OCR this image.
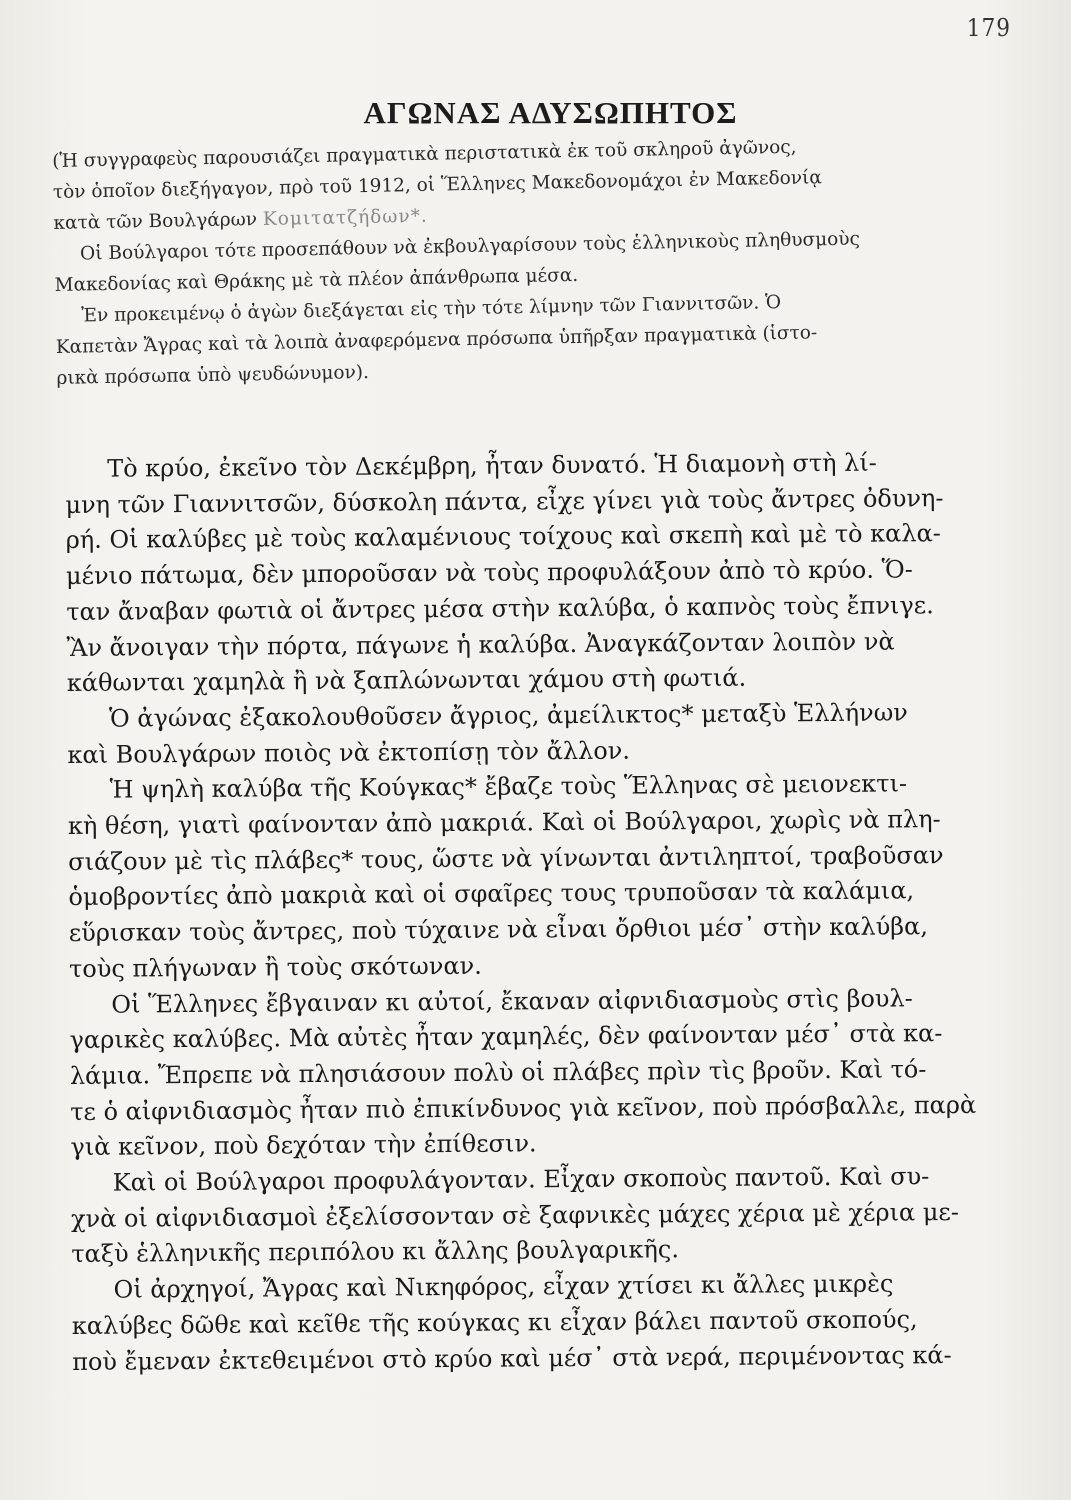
179
ΑΓΩΝΑΣ ΑΔΥΣΩΠΗΤΟΣ

(Ἡ συγγραφεὺς παρουσιάζει πραγματικὰ περιστατικὰ ἐκ τοῦ σκληροῦ ἀγῶνος,
τὸν ὁποῖον διεξήγαγον, πρὸ τοῦ 1912, οἱ Ἕλληνες Μακεδονομάχοι ἐν Μακεδονίᾳ
κατὰ τῶν Βουλγάρων Κομιτατζήδων*.

Οἱ Βούλγαροι τότε προσεπάθουν νὰ ἐκβουλγαρίσουν τοὺς ἑλληνικοὺς πληθυσμοὺς
Μακεδονίας καὶ Θράκης μὲ τὰ πλέον ἀπάνθρωπα μέσα.

Ἐν προκειμένῳ ὁ ἀγὼν διεξάγεται εἰς τὴν τότε λίμνην τῶν Γιαννιτσῶν. Ὁ
Καπετὰν Ἄγρας καὶ τὰ λοιπὰ ἀναφερόμενα πρόσωπα ὑπῆρξαν πραγματικὰ (ἱστο-
ρικὰ πρόσωπα ὑπὸ ψευδώνυμον).

Τὸ κρύο, ἐκεῖνο τὸν Δεκέμβρη, ἦταν δυνατό. Ἡ διαμονὴ στὴ λί-
μνη τῶν Γιαννιτσῶν, δύσκολη πάντα, εἶχε γίνει γιὰ τοὺς ἄντρες ὀδυνη-
ρή. Οἱ καλύβες μὲ τοὺς καλαμένιους τοίχους καὶ σκεπὴ καὶ μὲ τὸ καλα-
μένιο πάτωμα, δὲν μποροῦσαν νὰ τοὺς προφυλάξουν ἀπὸ τὸ κρύο. Ὅ-
ταν ἄναβαν φωτιὰ οἱ ἄντρες μέσα στὴν καλύβα, ὁ καπνὸς τοὺς ἔπνιγε.
Ἂν ἄνοιγαν τὴν πόρτα, πάγωνε ἡ καλύβα. Ἀναγκάζονταν λοιπὸν νὰ
κάθωνται χαμηλὰ ἢ νὰ ξαπλώνωνται χάμου στὴ φωτιά.

Ὁ ἀγώνας ἐξακολουθοῦσεν ἄγριος, ἀμείλικτος* μεταξὺ Ἑλλήνων
καὶ Βουλγάρων ποιὸς νὰ ἐκτοπίσῃ τὸν ἄλλον.

Ἡ ψηλὴ καλύβα τῆς Κούγκας* ἔβαζε τοὺς Ἕλληνας σὲ μειονεκτι-
κὴ θέση, γιατὶ φαίνονταν ἀπὸ μακριά. Καὶ οἱ Βούλγαροι, χωρὶς νὰ πλη-
σιάζουν μὲ τὶς πλάβες* τους, ὥστε νὰ γίνωνται ἀντιληπτοί, τραβοῦσαν
ὁμοβροντίες ἀπὸ μακριὰ καὶ οἱ σφαῖρες τους τρυποῦσαν τὰ καλάμια,
εὕρισκαν τοὺς ἄντρες, ποὺ τύχαινε νὰ εἶναι ὄρθιοι μέσ᾽ στὴν καλύβα,
τοὺς πλήγωναν ἢ τοὺς σκότωναν.

Οἱ Ἕλληνες ἔβγαιναν κι αὐτοί, ἔκαναν αἰφνιδιασμοὺς στὶς βουλ-
γαρικὲς καλύβες. Μὰ αὐτὲς ἦταν χαμηλές, δὲν φαίνονταν μέσ᾽ στὰ κα-
λάμια. Ἔπρεπε νὰ πλησιάσουν πολὺ οἱ πλάβες πρὶν τὶς βροῦν. Καὶ τό-
τε ὁ αἰφνιδιασμὸς ἦταν πιὸ ἐπικίνδυνος γιὰ κεῖνον, ποὺ πρόσβαλλε, παρὰ
γιὰ κεῖνον, ποὺ δεχόταν τὴν ἐπίθεσιν.

Καὶ οἱ Βούλγαροι προφυλάγονταν. Εἶχαν σκοποὺς παντοῦ. Καὶ συ-
χνὰ οἱ αἰφνιδιασμοὶ ἐξελίσσονταν σὲ ξαφνικὲς μάχες χέρια μὲ χέρια με-
ταξὺ ἑλληνικῆς περιπόλου κι ἄλλης βουλγαρικῆς.

Οἱ ἀρχηγοί, Ἄγρας καὶ Νικηφόρος, εἶχαν χτίσει κι ἄλλες μικρὲς
καλύβες δῶθε καὶ κεῖθε τῆς κούγκας κι εἶχαν βάλει παντοῦ σκοπούς,
ποὺ ἔμεναν ἐκτεθειμένοι στὸ κρύο καὶ μέσ᾽ στὰ νερά, περιμένοντας κά-
